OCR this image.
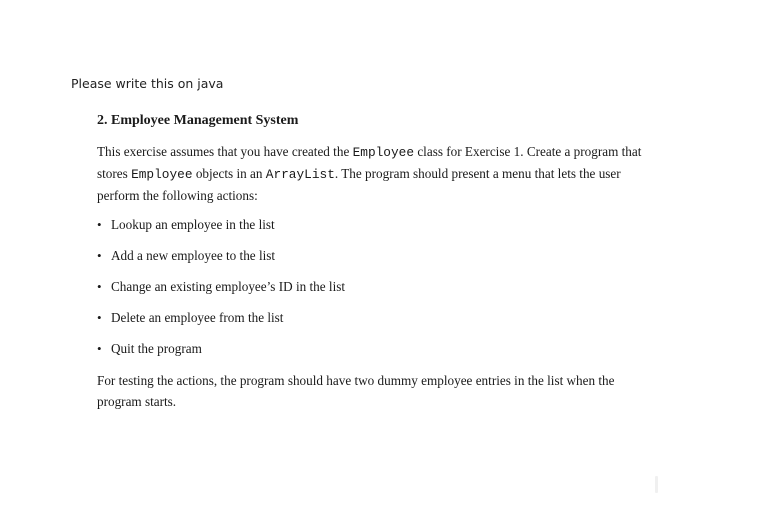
Please write this on java
2. Employee Management System

This exercise assumes that you have created the Employee class for Exercise 1. Create a program that stores Employee objects in an ArrayList. The program should present a menu that lets the user perform the following actions:

• Lookup an employee in the list
• Add a new employee to the list
• Change an existing employee’s ID in the list
• Delete an employee from the list
• Quit the program

For testing the actions, the program should have two dummy employee entries in the list when the program starts.
